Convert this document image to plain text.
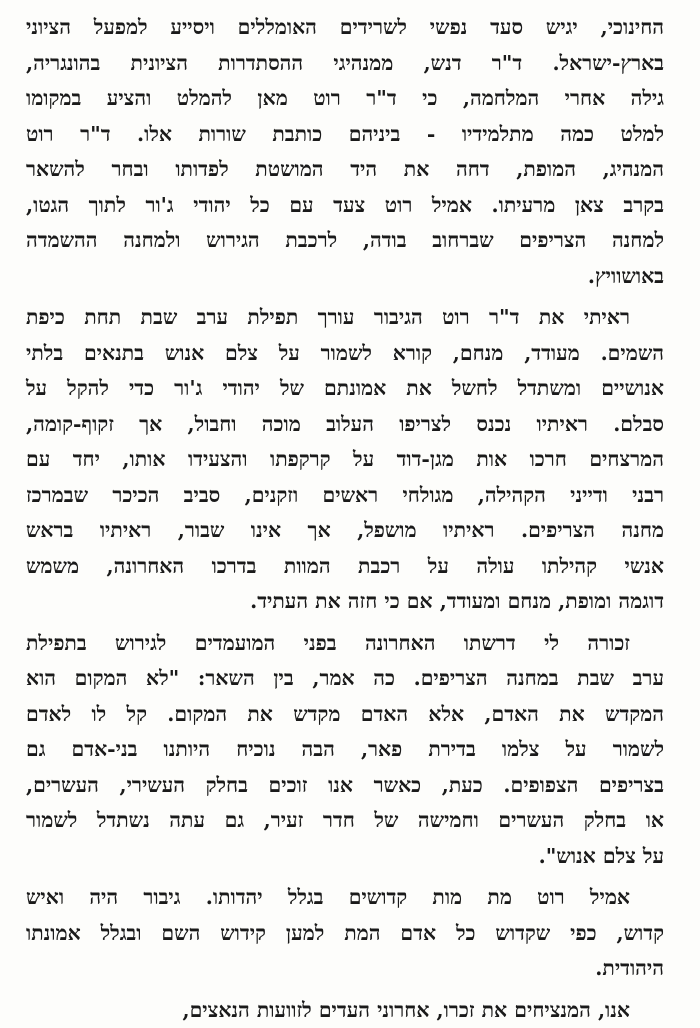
החינוכי, יגיש סעד נפשי לשרידים האומללים ויסייע למפעל הציוני
בארץ-ישראל. ד"ר דנש, ממנהיגי ההסתדרות הציונית בהונגריה,
גילה אחרי המלחמה, כי ד"ר רוט מאן להמלט והציע במקומו
למלט כמה מתלמידיו - ביניהם כותבת שורות אלו. ד"ר רוט
המנהיג, המופת, דחה את היד המושטת לפדותו ובחר להשאר
בקרב צאן מרעיתו. אמיל רוט צעד עם כל יהודי ג'ור לתוך הגטו,
למחנה הצריפים שברחוב בודה, לרכבת הגירוש ולמחנה ההשמדה
באושוויץ.
ראיתי את ד"ר רוט הגיבור עורך תפילת ערב שבת תחת כיפת
השמים. מעודד, מנחם, קורא לשמור על צלם אנוש בתנאים בלתי
אנושיים ומשתדל לחשל את אמונתם של יהודי ג'ור כדי להקל על
סבלם. ראיתיו נכנס לצריפו העלוב מוכה וחבול, אך זקוף-קומה,
המרצחים חרכו אות מגן-דוד על קרקפתו והצעידו אותו, יחד עם
רבני ודייני הקהילה, מגולחי ראשים וזקנים, סביב הכיכר שבמרכז
מחנה הצריפים. ראיתיו מושפל, אך אינו שבור, ראיתיו בראש
אנשי קהילתו עולה על רכבת המוות בדרכו האחרונה, משמש
דוגמה ומופת, מנחם ומעודד, אם כי חזה את העתיד.
זכורה לי דרשתו האחרונה בפני המועמדים לגירוש בתפילת
ערב שבת במחנה הצריפים. כה אמר, בין השאר: "לא המקום הוא
המקדש את האדם, אלא האדם מקדש את המקום. קל לו לאדם
לשמור על צלמו בדירת פאר, הבה נוכיח היותנו בני-אדם גם
בצריפים הצפופים. כעת, כאשר אנו זוכים בחלק העשירי, העשרים,
או בחלק העשרים וחמישה של חדר זעיר, גם עתה נשתדל לשמור
על צלם אנוש".
אמיל רוט מת מות קדושים בגלל יהדותו. גיבור היה ואיש
קדוש, כפי שקדוש כל אדם המת למען קידוש השם ובגלל אמונתו
היהודית.
אנו, המנציחים את זכרו, אחרוני העדים לזוועות הנאצים,
